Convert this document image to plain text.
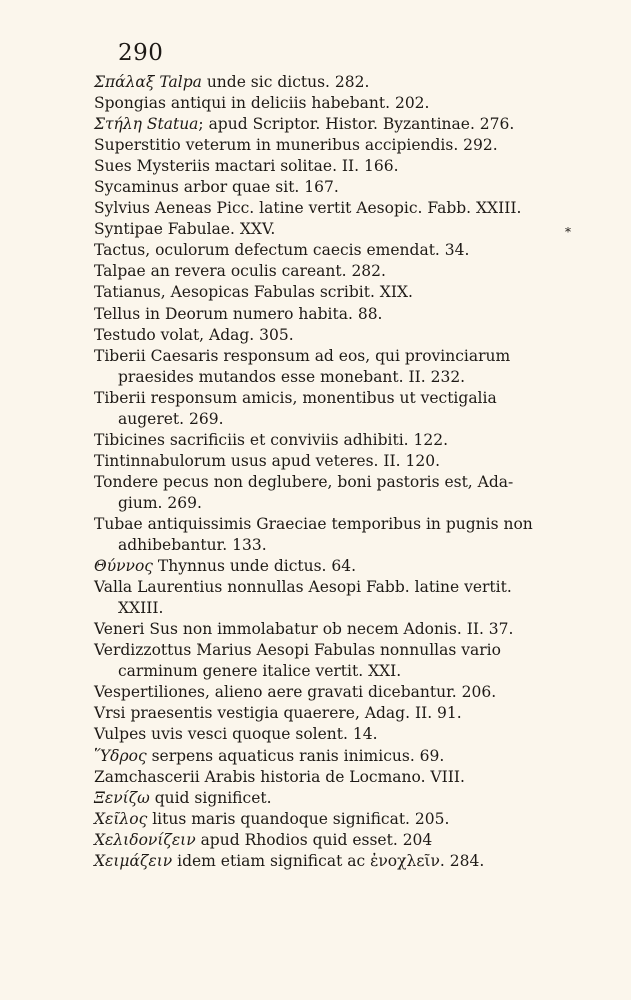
290
*
Σπάλαξ Talpa unde sic dictus. 282.
Spongias antiqui in deliciis habebant. 202.
Στήλη Statua; apud Scriptor. Histor. Byzantinae. 276.
Superstitio veterum in muneribus accipiendis. 292.
Sues Mysteriis mactari solitae. II. 166.
Sycaminus arbor quae sit. 167.
Sylvius Aeneas Picc. latine vertit Aesopic. Fabb. XXIII.
Syntipae Fabulae. XXV.
Tactus, oculorum defectum caecis emendat. 34.
Talpae an revera oculis careant. 282.
Tatianus, Aesopicas Fabulas scribit. XIX.
Tellus in Deorum numero habita. 88.
Testudo volat, Adag. 305.
Tiberii Caesaris responsum ad eos, qui provinciarum
praesides mutandos esse monebant. II. 232.
Tiberii responsum amicis, monentibus ut vectigalia
augeret. 269.
Tibicines sacrificiis et conviviis adhibiti. 122.
Tintinnabulorum usus apud veteres. II. 120.
Tondere pecus non deglubere, boni pastoris est, Ada-
gium. 269.
Tubae antiquissimis Graeciae temporibus in pugnis non
adhibebantur. 133.
Θύννος Thynnus unde dictus. 64.
Valla Laurentius nonnullas Aesopi Fabb. latine vertit.
XXIII.
Veneri Sus non immolabatur ob necem Adonis. II. 37.
Verdizzottus Marius Aesopi Fabulas nonnullas vario
carminum genere italice vertit. XXI.
Vespertiliones, alieno aere gravati dicebantur. 206.
Vrsi praesentis vestigia quaerere, Adag. II. 91.
Vulpes uvis vesci quoque solent. 14.
Ὕδρος serpens aquaticus ranis inimicus. 69.
Zamchascerii Arabis historia de Locmano. VIII.
Ξενίζω quid significet.
Χεῖλος litus maris quandoque significat. 205.
Χελιδονίζειν apud Rhodios quid esset. 204
Χειμάζειν idem etiam significat ac ἐνοχλεῖν. 284.
